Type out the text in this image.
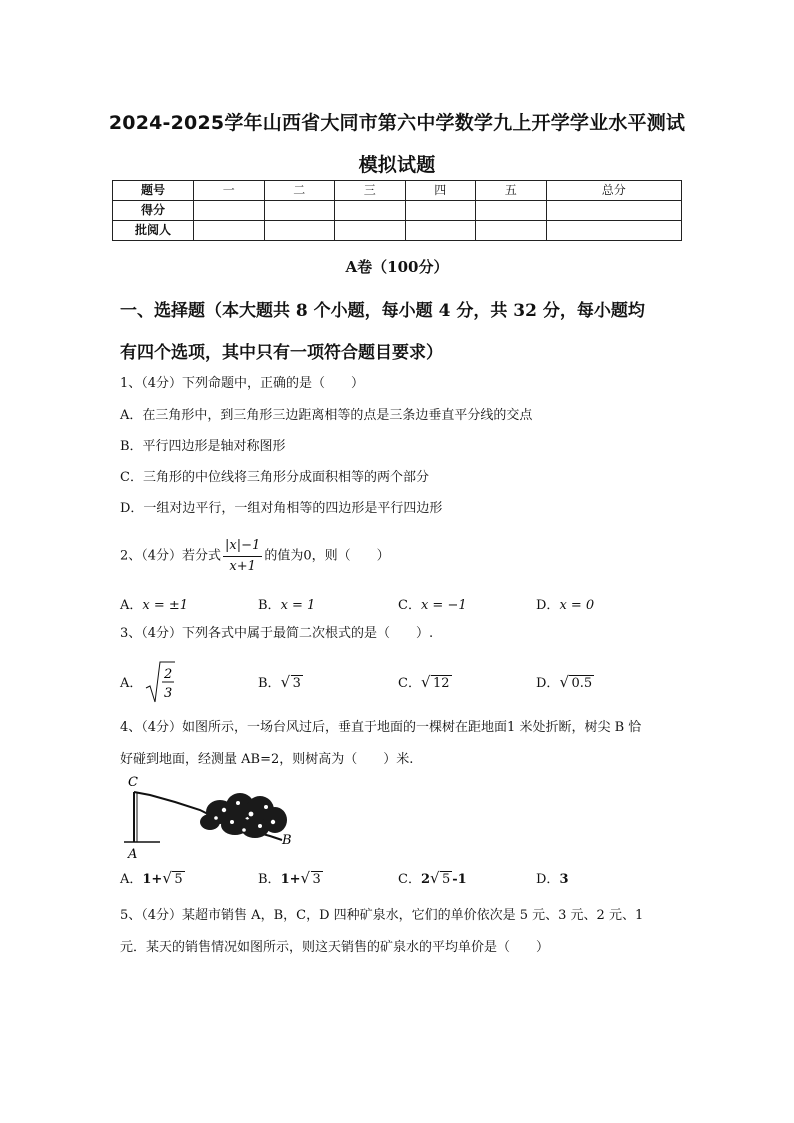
2024-2025学年山西省大同市第六中学数学九上开学学业水平测试
模拟试题
题号	一	二	三	四	五	总分
得分						
批阅人						
A卷（100分）
一、选择题（本大题共 8 个小题，每小题 4 分，共 32 分，每小题均
有四个选项，其中只有一项符合题目要求）
1、（4分）下列命题中，正确的是（　　）
A．在三角形中，到三角形三边距离相等的点是三条边垂直平分线的交点
B．平行四边形是轴对称图形
C．三角形的中位线将三角形分成面积相等的两个部分
D．一组对边平行，一组对角相等的四边形是平行四边形
2、（4分）若分式 $\frac{|x|-1}{x+1}$ 的值为0，则（　　）
A．x = ±1	B．x = 1	C．x = −1	D．x = 0
3、（4分）下列各式中属于最简二次根式的是（　　）.
A．
2
3
B． √ 3	C． √ 12	D． √ 0.5
4、（4分）如图所示，一场台风过后，垂直于地面的一棵树在距地面1 米处折断，树尖 B 恰
好碰到地面，经测量 AB=2，则树高为（　　）米.
C
B
A
A．1+ √ 5	B．1+ √ 3	C．2 √ 5 -1	D．3
5、（4分）某超市销售 A，B，C，D 四种矿泉水，它们的单价依次是 5 元、3 元、2 元、1
元．某天的销售情况如图所示，则这天销售的矿泉水的平均单价是（　　）
